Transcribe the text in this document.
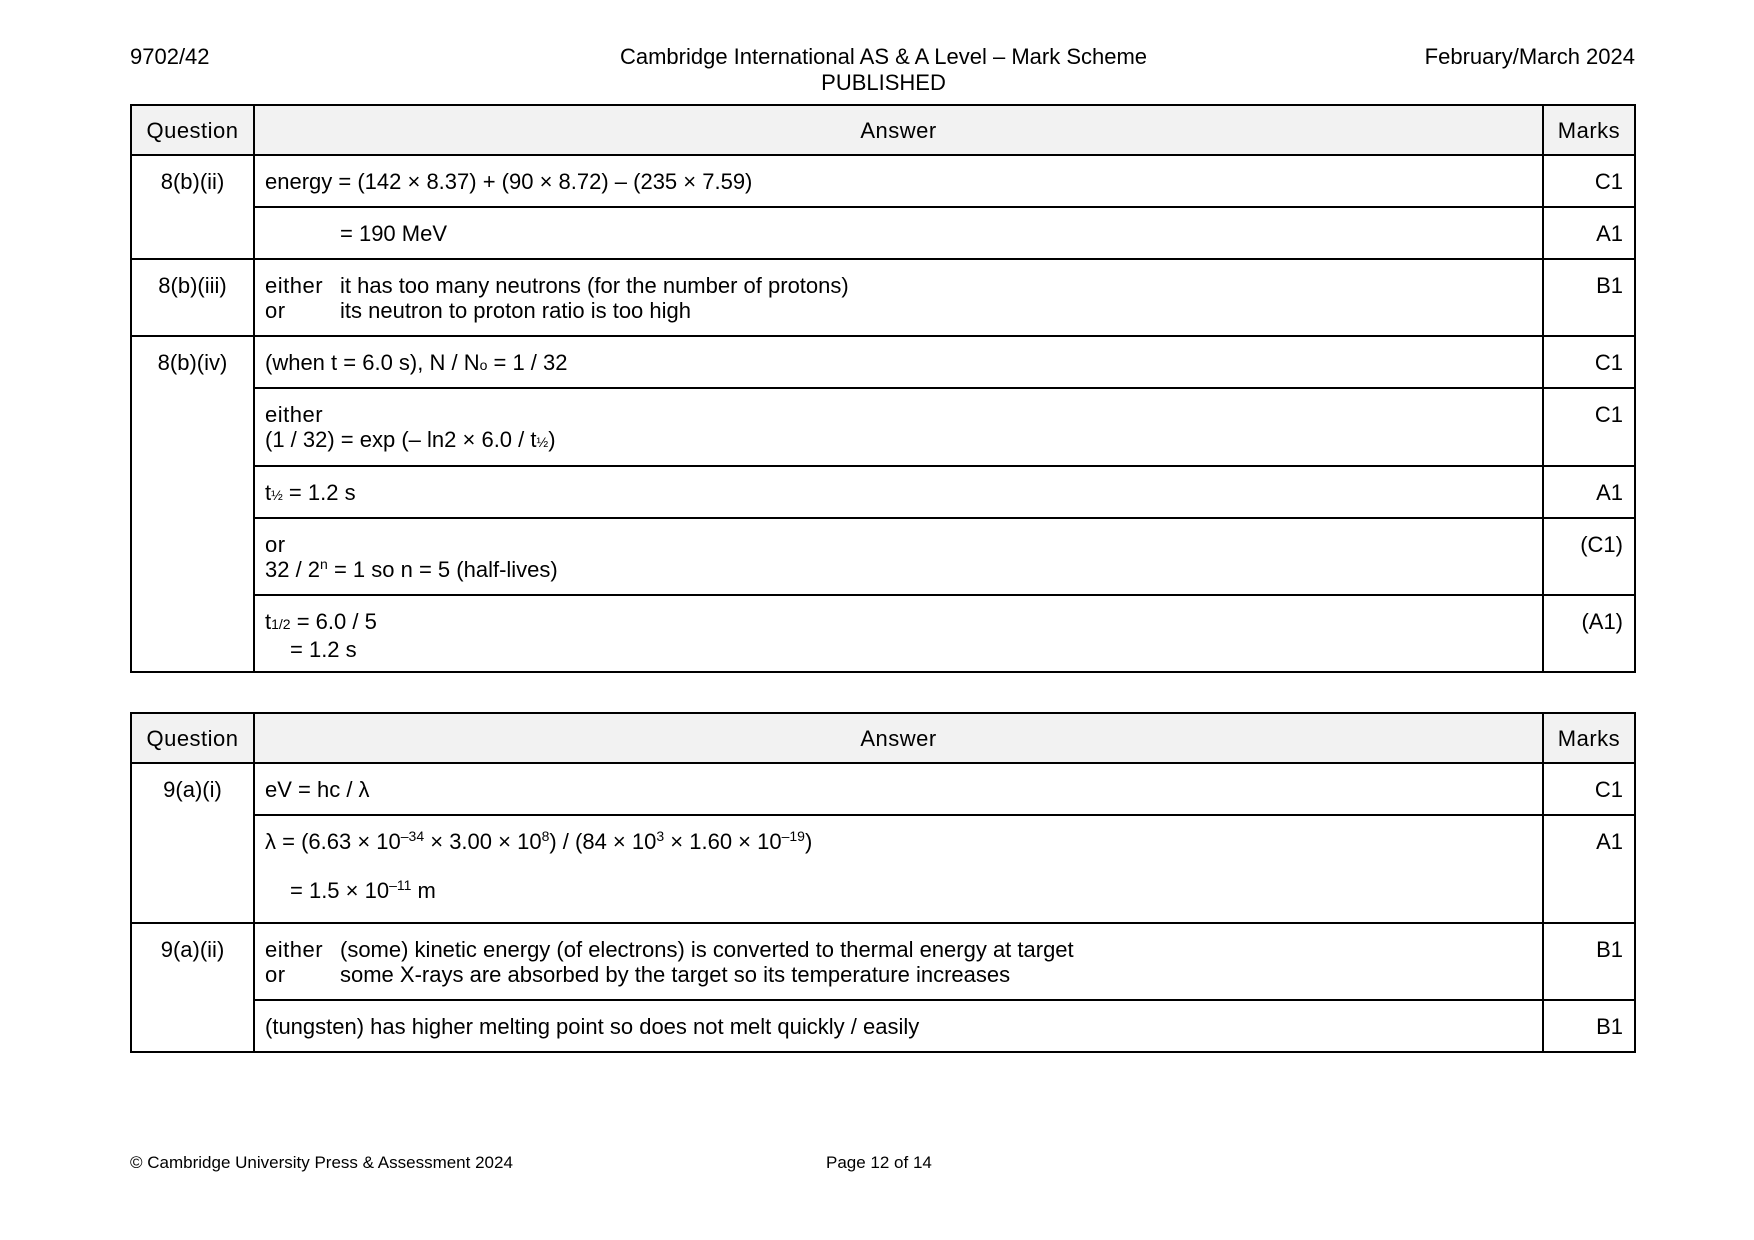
9702/42	Cambridge International AS & A Level – Mark Scheme
PUBLISHED
February/March 2024
Question	Answer	Marks
8(b)(ii)	energy = (142 × 8.37) + (90 × 8.72) – (235 × 7.59)	C1
	= 190 MeV	A1
8(b)(iii)	either it has too many neutrons (for the number of protons)
or its neutron to proton ratio is too high	B1
8(b)(iv)	(when t = 6.0 s), N / No = 1 / 32	C1

	either
(1 / 32) = exp (– ln2 × 6.0 / t½)	C1
	t½ = 1.2 s	A1

	or
$32 / 2^n = 1$ so n = 5 (half-lives)	(C1)

	t1/2 = 6.0 / 5
= 1.2 s	(A1)
Question	Answer	Marks
9(a)(i)	eV = hc / λ	C1

	$\lambda = (6.63 \times 10^{-34} \times 3.00 \times 10^8) / (84 \times 10^3 \times 1.60 \times 10^{-19})$
= $1.5 \times 10^{-11}$ m	A1
9(a)(ii)	either (some) kinetic energy (of electrons) is converted to thermal energy at target
or some X-rays are absorbed by the target so its temperature increases	B1
	(tungsten) has higher melting point so does not melt quickly / easily	B1
© Cambridge University Press & Assessment 2024	Page 12 of 14
